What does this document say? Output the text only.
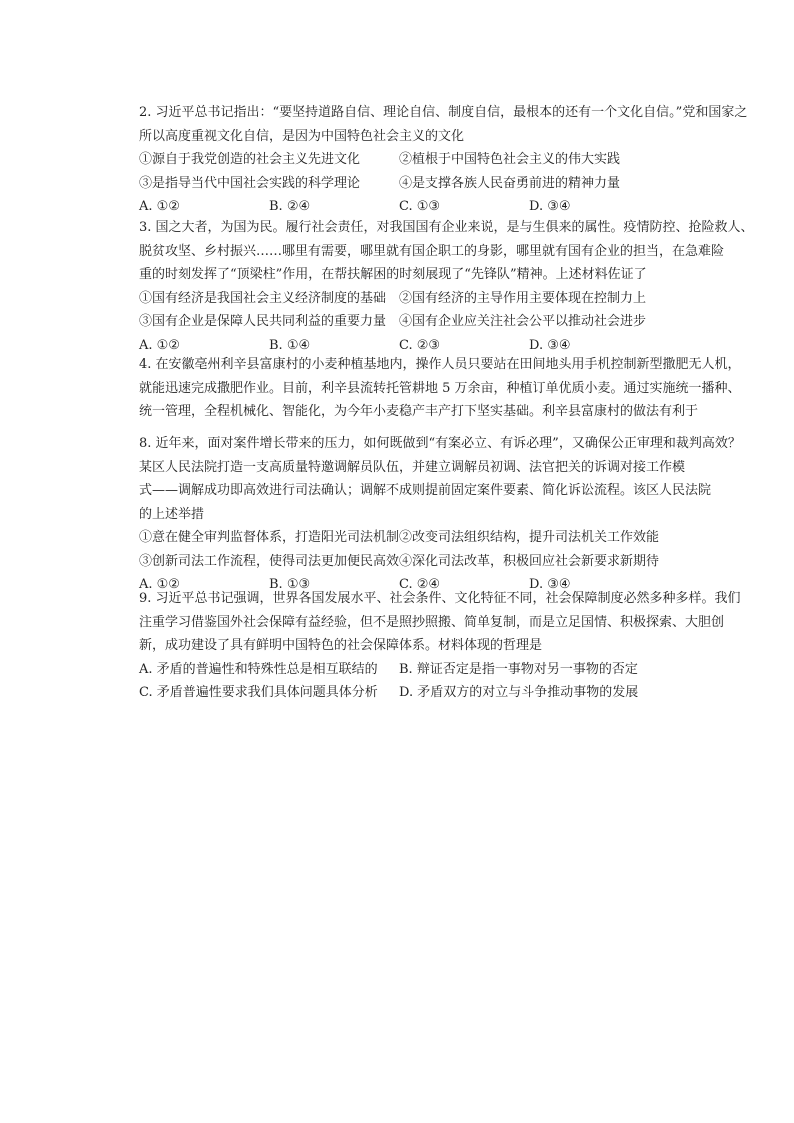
2. 习近平总书记指出：“要坚持道路自信、理论自信、制度自信，最根本的还有一个文化自信。”党和国家之
所以高度重视文化自信，是因为中国特色社会主义的文化
①源自于我党创造的社会主义先进文化	②植根于中国特色社会主义的伟大实践
③是指导当代中国社会实践的科学理论	④是支撑各族人民奋勇前进的精神力量
A. ①②	B. ②④	C. ①③	D. ③④
3. 国之大者，为国为民。履行社会责任，对我国国有企业来说，是与生俱来的属性。疫情防控、抢险救人、
脱贫攻坚、乡村振兴……哪里有需要，哪里就有国企职工的身影，哪里就有国有企业的担当，在急难险
重的时刻发挥了“顶梁柱”作用，在帮扶解困的时刻展现了“先锋队”精神。上述材料佐证了
①国有经济是我国社会主义经济制度的基础 ②国有经济的主导作用主要体现在控制力上
③国有企业是保障人民共同利益的重要力量 ④国有企业应关注社会公平以推动社会进步
A. ①②	B. ①④	C. ②③	D. ③④
4. 在安徽亳州利辛县富康村的小麦种植基地内，操作人员只要站在田间地头用手机控制新型撒肥无人机，
就能迅速完成撒肥作业。目前，利辛县流转托管耕地 5 万余亩，种植订单优质小麦。通过实施统一播种、
统一管理，全程机械化、智能化，为今年小麦稳产丰产打下坚实基础。利辛县富康村的做法有利于
8. 近年来，面对案件增长带来的压力，如何既做到“有案必立、有诉必理”，又确保公正审理和裁判高效？
某区人民法院打造一支高质量特邀调解员队伍，并建立调解员初调、法官把关的诉调对接工作模
式——调解成功即高效进行司法确认；调解不成则提前固定案件要素、简化诉讼流程。该区人民法院
的上述举措
①意在健全审判监督体系，打造阳光司法机制 ②改变司法组织结构，提升司法机关工作效能
③创新司法工作流程，使得司法更加便民高效 ④深化司法改革，积极回应社会新要求新期待
A. ①②	B. ①③	C. ②④	D. ③④
9. 习近平总书记强调，世界各国发展水平、社会条件、文化特征不同，社会保障制度必然多种多样。我们
注重学习借鉴国外社会保障有益经验，但不是照抄照搬、简单复制，而是立足国情、积极探索、大胆创
新，成功建设了具有鲜明中国特色的社会保障体系。材料体现的哲理是
A. 矛盾的普遍性和特殊性总是相互联结的	B. 辩证否定是指一事物对另一事物的否定
C. 矛盾普遍性要求我们具体问题具体分析	D. 矛盾双方的对立与斗争推动事物的发展
